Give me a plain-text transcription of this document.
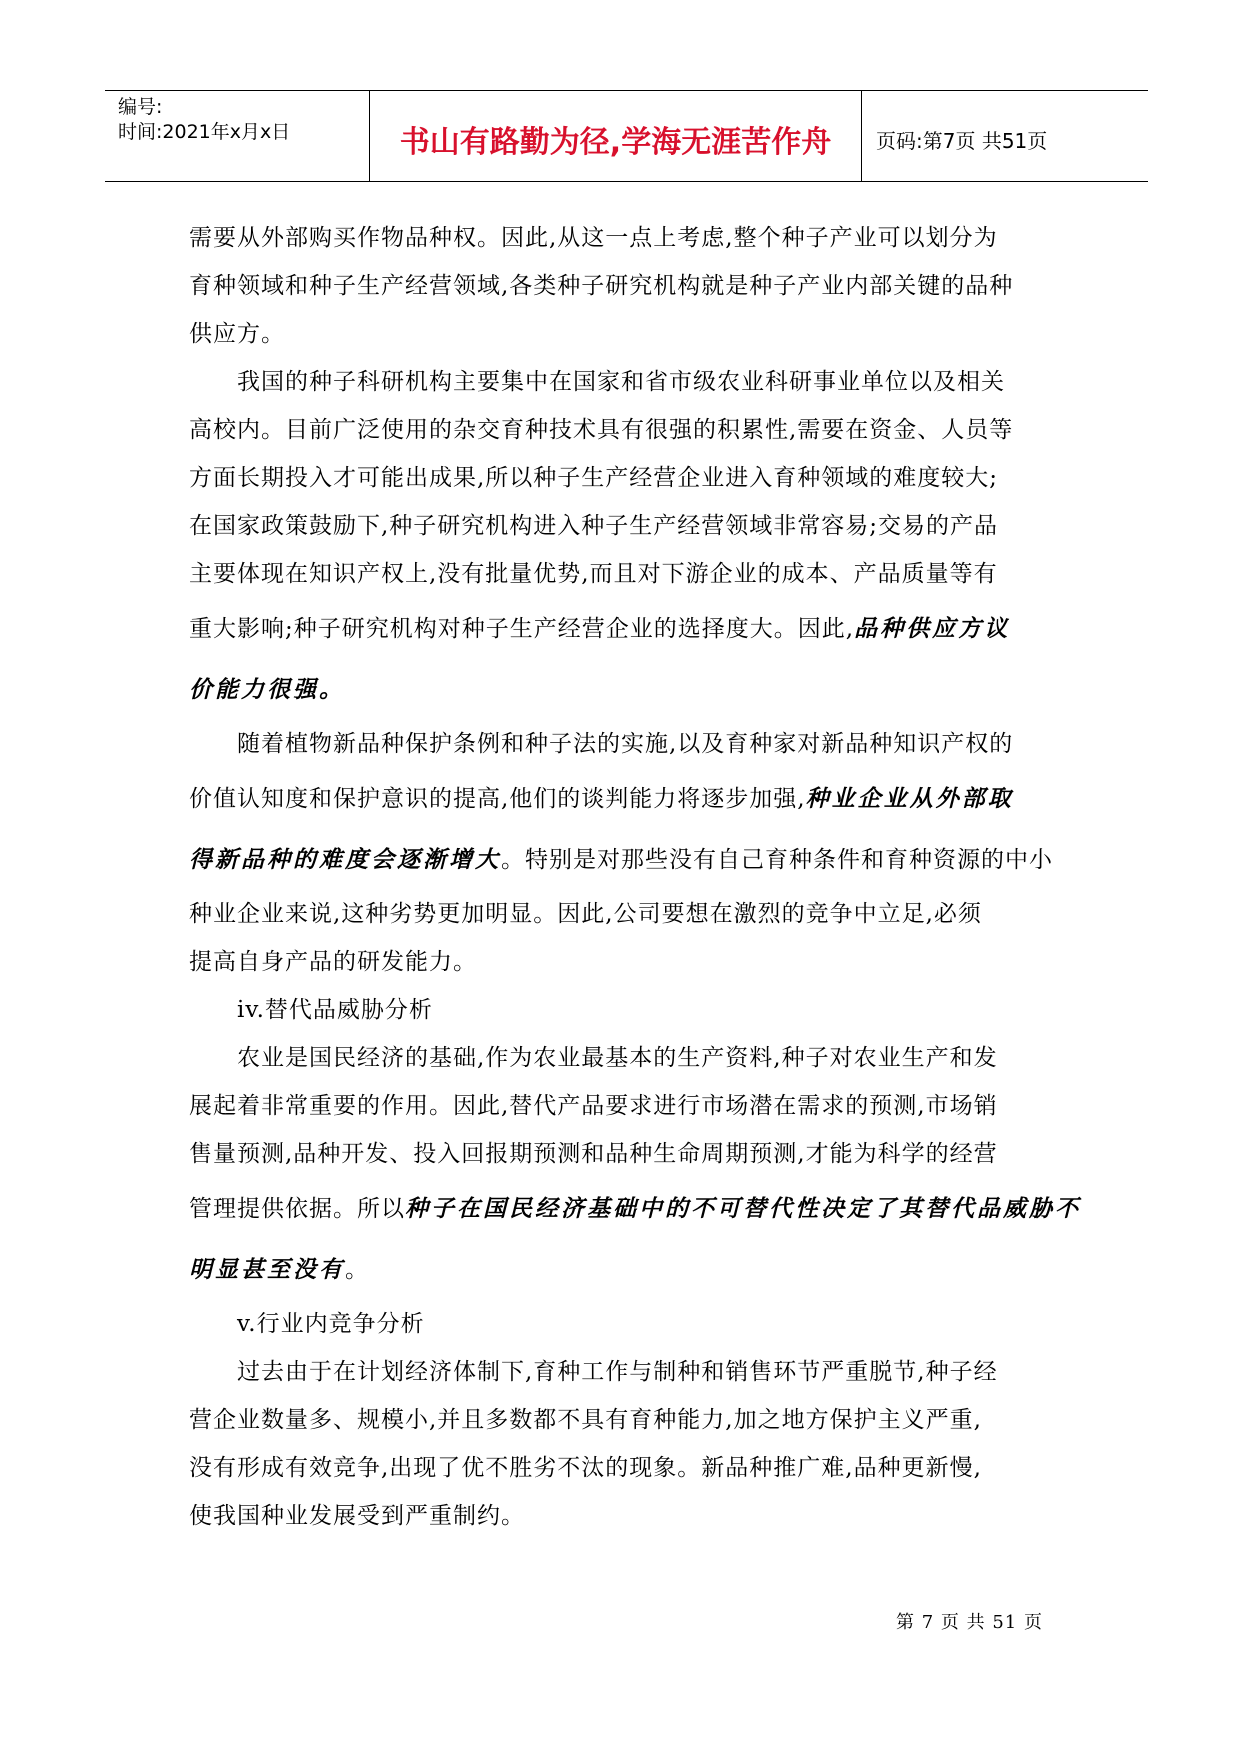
编号:
时间:2021年x月x日	书山有路勤为径,学海无涯苦作舟	页码:第7页 共51页
需要从外部购买作物品种权。因此,从这一点上考虑,整个种子产业可以划分为
育种领域和种子生产经营领域,各类种子研究机构就是种子产业内部关键的品种
供应方。
我国的种子科研机构主要集中在国家和省市级农业科研事业单位以及相关
高校内。目前广泛使用的杂交育种技术具有很强的积累性,需要在资金、人员等
方面长期投入才可能出成果,所以种子生产经营企业进入育种领域的难度较大;
在国家政策鼓励下,种子研究机构进入种子生产经营领域非常容易;交易的产品
主要体现在知识产权上,没有批量优势,而且对下游企业的成本、产品质量等有
重大影响;种子研究机构对种子生产经营企业的选择度大。因此,品种供应方议
价能力很强。
随着植物新品种保护条例和种子法的实施,以及育种家对新品种知识产权的
价值认知度和保护意识的提高,他们的谈判能力将逐步加强,种业企业从外部取
得新品种的难度会逐渐增大。特别是对那些没有自己育种条件和育种资源的中小
种业企业来说,这种劣势更加明显。因此,公司要想在激烈的竞争中立足,必须
提高自身产品的研发能力。
iv.替代品威胁分析
农业是国民经济的基础,作为农业最基本的生产资料,种子对农业生产和发
展起着非常重要的作用。因此,替代产品要求进行市场潜在需求的预测,市场销
售量预测,品种开发、投入回报期预测和品种生命周期预测,才能为科学的经营
管理提供依据。所以种子在国民经济基础中的不可替代性决定了其替代品威胁不
明显甚至没有。
v.行业内竞争分析
过去由于在计划经济体制下,育种工作与制种和销售环节严重脱节,种子经
营企业数量多、规模小,并且多数都不具有育种能力,加之地方保护主义严重,
没有形成有效竞争,出现了优不胜劣不汰的现象。新品种推广难,品种更新慢,
使我国种业发展受到严重制约。
第 7 页 共 51 页
